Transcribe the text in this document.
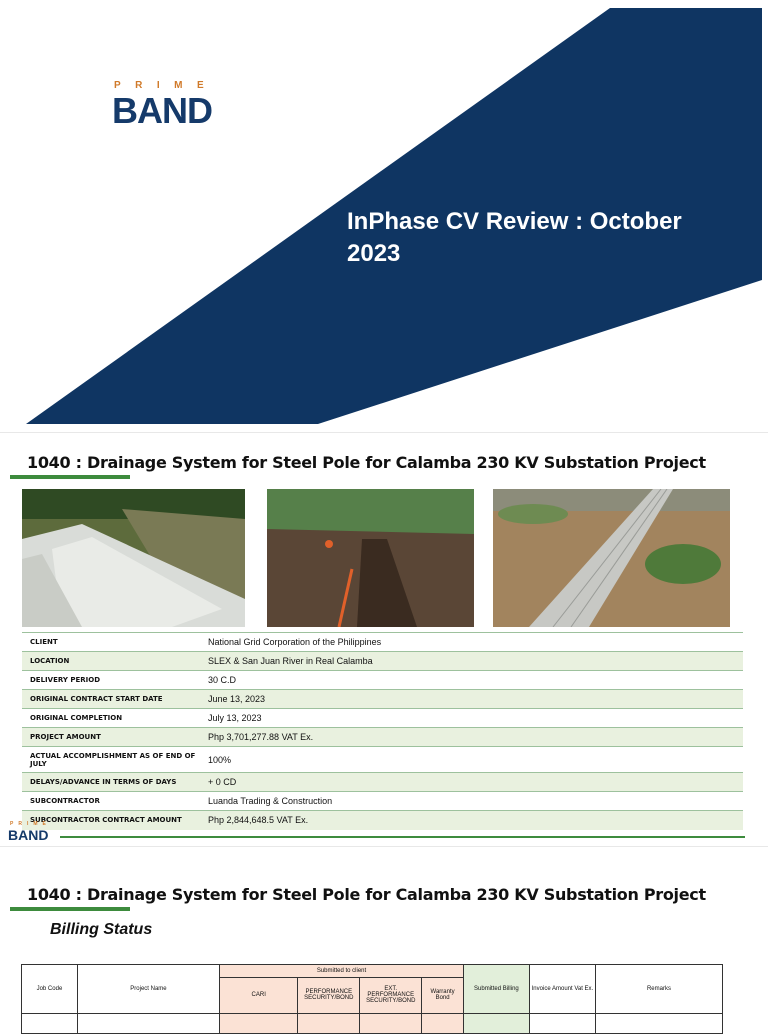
PRIME
BAND
InPhase CV Review : October 2023
1040 : Drainage System for Steel Pole for Calamba 230 KV Substation Project
CLIENT	National Grid Corporation of the Philippines
LOCATION	SLEX & San Juan River in Real Calamba
DELIVERY PERIOD	30 C.D
ORIGINAL CONTRACT START DATE	June 13, 2023
ORIGINAL COMPLETION	July 13, 2023
PROJECT AMOUNT	Php 3,701,277.88 VAT Ex.
ACTUAL ACCOMPLISHMENT AS OF END OF JULY	100%
DELAYS/ADVANCE IN TERMS OF DAYS	+ 0 CD
SUBCONTRACTOR	Luanda Trading & Construction
SUBCONTRACTOR CONTRACT AMOUNT	Php 2,844,648.5 VAT Ex.
PRIME
BAND
1040 : Drainage System for Steel Pole for Calamba 230 KV Substation Project
Billing Status
Job Code	Project Name	Submitted to client				Submitted Billing	Invoice Amount Vat Ex.	Remarks
		CARI	PERFORMANCE SECURITY/BOND	EXT. PERFORMANCE SECURITY/BOND	Warranty Bond			
